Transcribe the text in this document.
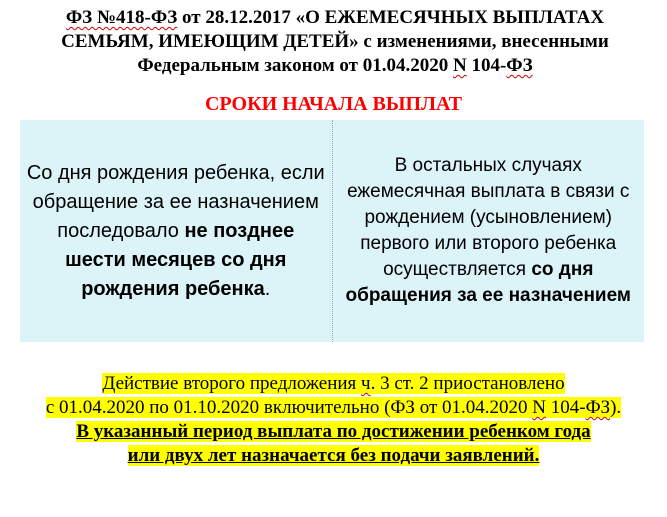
ФЗ №418-ФЗ от 28.12.2017 «О ЕЖЕМЕСЯЧНЫХ ВЫПЛАТАХ
СЕМЬЯМ, ИМЕЮЩИМ ДЕТЕЙ» с изменениями, внесенными
Федеральным законом от 01.04.2020 N 104-ФЗ
СРОКИ НАЧАЛА ВЫПЛАТ
Со дня рождения ребенка, если обращение за ее назначением последовало не позднее шести месяцев со дня рождения ребенка.
В остальных случаях ежемесячная выплата в связи с рождением (усыновлением) первого или второго ребенка осуществляется со дня обращения за ее назначением
Действие второго предложения ч. 3 ст. 2 приостановлено
с 01.04.2020 по 01.10.2020 включительно (ФЗ от 01.04.2020 N 104-ФЗ).
В указанный период выплата по достижении ребенком года
или двух лет назначается без подачи заявлений.
